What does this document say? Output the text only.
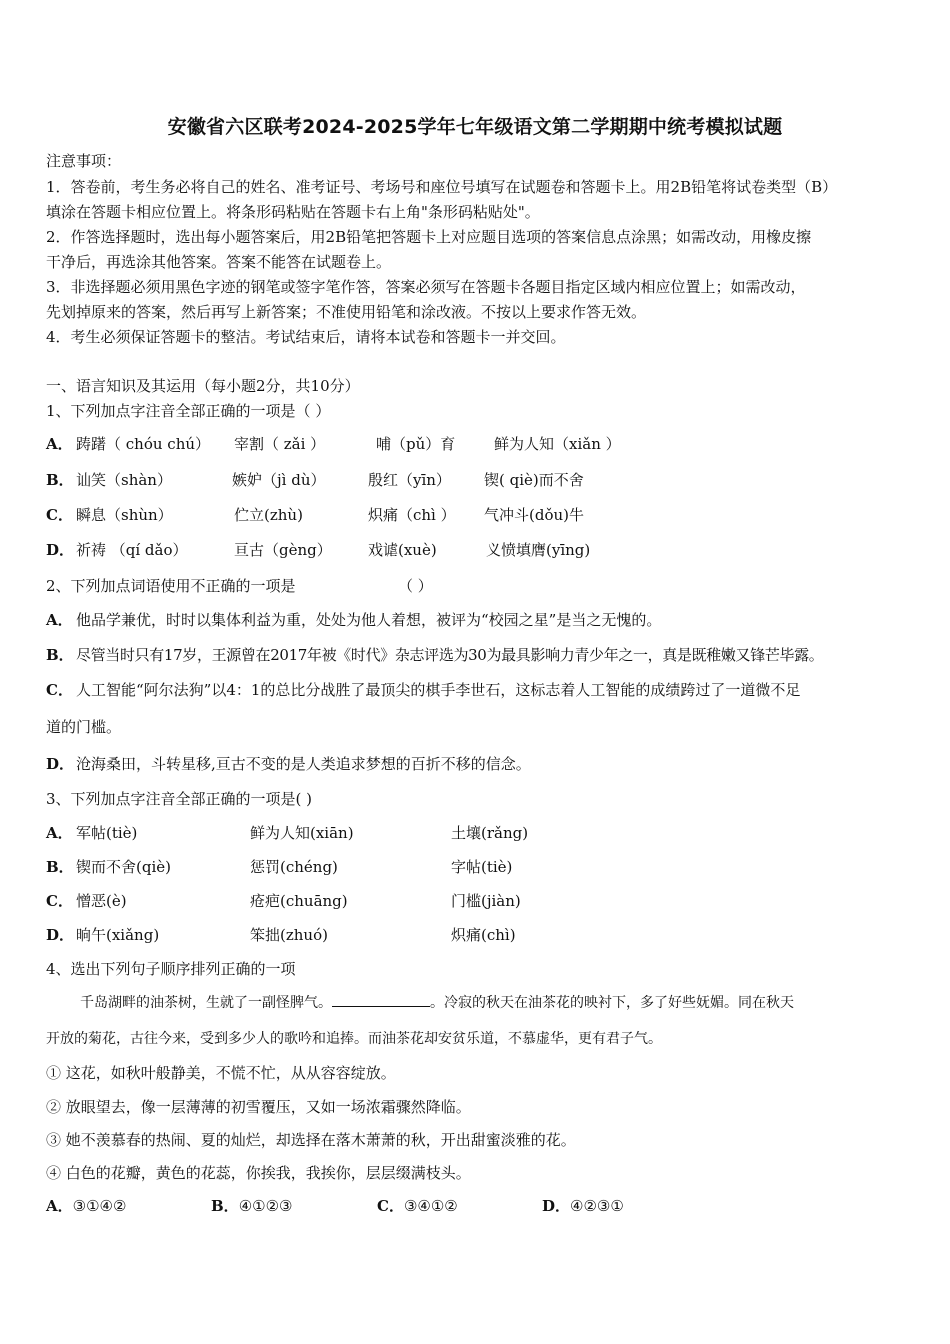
安徽省六区联考2024-2025学年七年级语文第二学期期中统考模拟试题
注意事项：
1．答卷前，考生务必将自己的姓名、准考证号、考场号和座位号填写在试题卷和答题卡上。用2B铅笔将试卷类型（B）
填涂在答题卡相应位置上。将条形码粘贴在答题卡右上角"条形码粘贴处"。
2．作答选择题时，选出每小题答案后，用2B铅笔把答题卡上对应题目选项的答案信息点涂黑；如需改动，用橡皮擦
干净后，再选涂其他答案。答案不能答在试题卷上。
3．非选择题必须用黑色字迹的钢笔或签字笔作答，答案必须写在答题卡各题目指定区域内相应位置上；如需改动，
先划掉原来的答案，然后再写上新答案；不准使用铅笔和涂改液。不按以上要求作答无效。
4．考生必须保证答题卡的整洁。考试结束后，请将本试卷和答题卡一并交回。
一、语言知识及其运用（每小题2分，共10分）
1、下列加点字注音全部正确的一项是（ ）
A． 踌躇（ chóu chú） 宰割（ zǎi ）	哺（pǔ）育	鲜为人知（xiǎn ）
B． 讪笑（shàn）	嫉妒（jì dù）	殷红（yīn） 锲( qiè)而不舍
C． 瞬息（shùn）	伫立(zhù)	炽痛（chì ） 气冲斗(dǒu)牛
D． 祈祷 （qí dǎo）	亘古（gèng） 戏谑(xuè)	义愤填膺(yīng)
2、下列加点词语使用不正确的一项是	（ ）
A． 他品学兼优，时时以集体利益为重，处处为他人着想，被评为“校园之星”是当之无愧的。
B． 尽管当时只有17岁，王源曾在2017年被《时代》杂志评选为30为最具影响力青少年之一，真是既稚嫩又锋芒毕露。
C． 人工智能“阿尔法狗”以4：1的总比分战胜了最顶尖的棋手李世石，这标志着人工智能的成绩跨过了一道微不足
道的门槛。
D． 沧海桑田，斗转星移,亘古不变的是人类追求梦想的百折不移的信念。
3、下列加点字注音全部正确的一项是( )
A． 军帖(tiè)	鲜为人知(xiān)	土壤(rǎng)
B． 锲而不舍(qiè)	惩罚(chéng)	字帖(tiè)
C． 憎恶(è)	疮疤(chuāng)	门槛(jiàn)
D． 晌午(xiǎng)	笨拙(zhuó)	炽痛(chì)
4、选出下列句子顺序排列正确的一项
千岛湖畔的油茶树，生就了一副怪脾气。	。冷寂的秋天在油茶花的映衬下，多了好些妩媚。同在秋天
开放的菊花，古往今来，受到多少人的歌吟和追捧。而油茶花却安贫乐道，不慕虚华，更有君子气。
① 这花，如秋叶般静美，不慌不忙，从从容容绽放。
② 放眼望去，像一层薄薄的初雪覆压，又如一场浓霜骤然降临。
③ 她不羡慕春的热闹、夏的灿烂，却选择在落木萧萧的秋，开出甜蜜淡雅的花。
④ 白色的花瓣，黄色的花蕊，你挨我，我挨你，层层缀满枝头。
A．③①④②	B．④①②③	C．③④①②	D．④②③①
